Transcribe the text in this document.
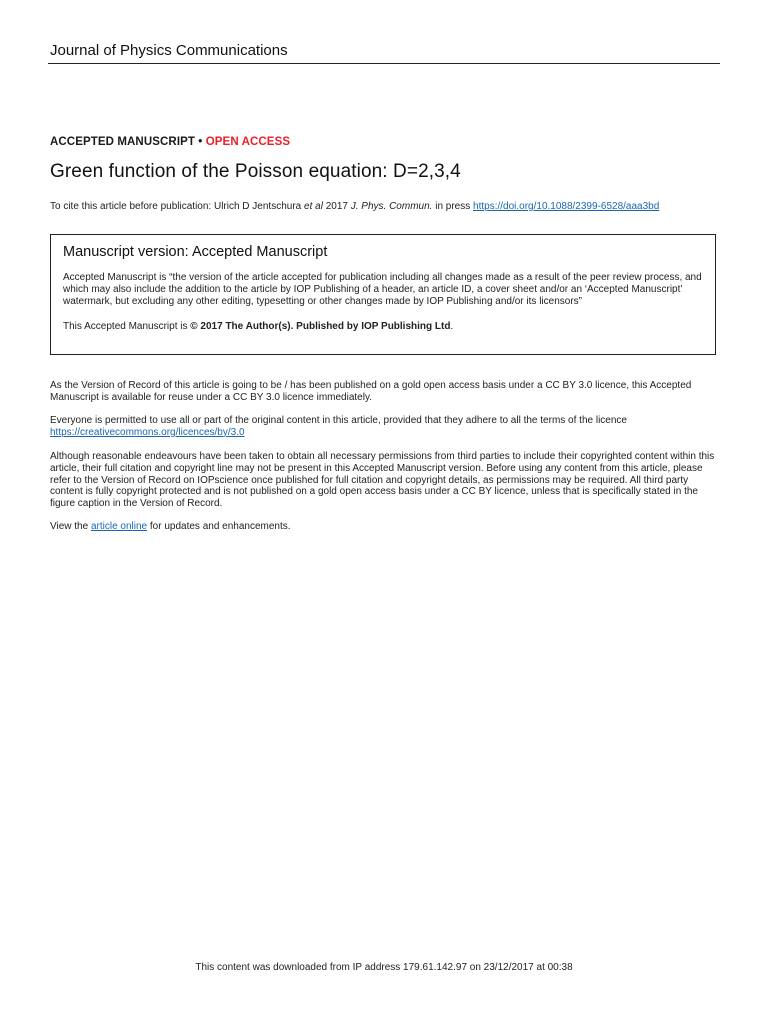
Journal of Physics Communications
ACCEPTED MANUSCRIPT • OPEN ACCESS
Green function of the Poisson equation: D=2,3,4
To cite this article before publication: Ulrich D Jentschura et al 2017 J. Phys. Commun. in press https://doi.org/10.1088/2399-6528/aaa3bd
Manuscript version: Accepted Manuscript
Accepted Manuscript is “the version of the article accepted for publication including all changes made as a result of the peer review process, and which may also include the addition to the article by IOP Publishing of a header, an article ID, a cover sheet and/or an ‘Accepted Manuscript’ watermark, but excluding any other editing, typesetting or other changes made by IOP Publishing and/or its licensors”
This Accepted Manuscript is © 2017 The Author(s). Published by IOP Publishing Ltd.
As the Version of Record of this article is going to be / has been published on a gold open access basis under a CC BY 3.0 licence, this Accepted Manuscript is available for reuse under a CC BY 3.0 licence immediately.
Everyone is permitted to use all or part of the original content in this article, provided that they adhere to all the terms of the licence
https://creativecommons.org/licences/by/3.0
Although reasonable endeavours have been taken to obtain all necessary permissions from third parties to include their copyrighted content within this article, their full citation and copyright line may not be present in this Accepted Manuscript version. Before using any content from this article, please refer to the Version of Record on IOPscience once published for full citation and copyright details, as permissions may be required. All third party content is fully copyright protected and is not published on a gold open access basis under a CC BY licence, unless that is specifically stated in the figure caption in the Version of Record.
View the article online for updates and enhancements.
This content was downloaded from IP address 179.61.142.97 on 23/12/2017 at 00:38
